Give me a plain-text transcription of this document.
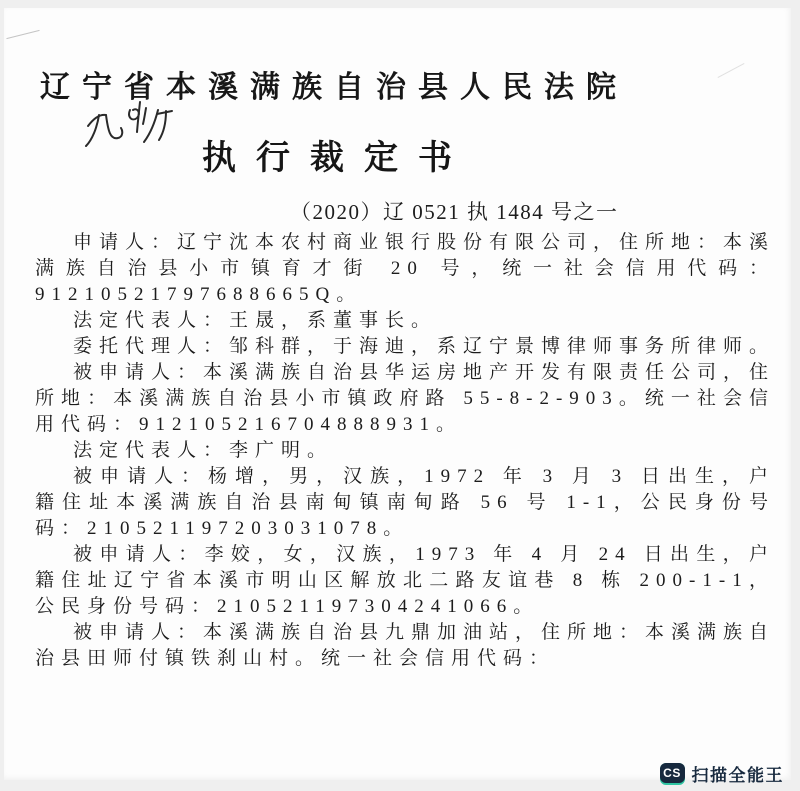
辽宁省本溪满族自治县人民法院
执行裁定书
（2020）辽 0521 执 1484 号之一

申请人：辽宁沈本农村商业银行股份有限公司，住所地：本溪满族自治县小市镇育才街 20 号，统一社会信用代码：91210521797688665Q。

法定代表人：王晟，系董事长。

委托代理人：邹科群，于海迪，系辽宁景博律师事务所律师。

被申请人：本溪满族自治县华运房地产开发有限责任公司，住所地：本溪满族自治县小市镇政府路 55-8-2-903。统一社会信用代码：912105216704888931。

法定代表人：李广明。

被申请人：杨增，男，汉族，1972 年 3 月 3 日出生，户籍住址本溪满族自治县南甸镇南甸路 56 号 1-1，公民身份号码：210521197203031078。

被申请人：李姣，女，汉族，1973 年 4 月 24 日出生，户籍住址辽宁省本溪市明山区解放北二路友谊巷 8 栋 200-1-1，公民身份号码：210521197304241066。

被申请人：本溪满族自治县九鼎加油站，住所地：本溪满族自治县田师付镇铁刹山村。统一社会信用代码：

CS 扫描全能王
